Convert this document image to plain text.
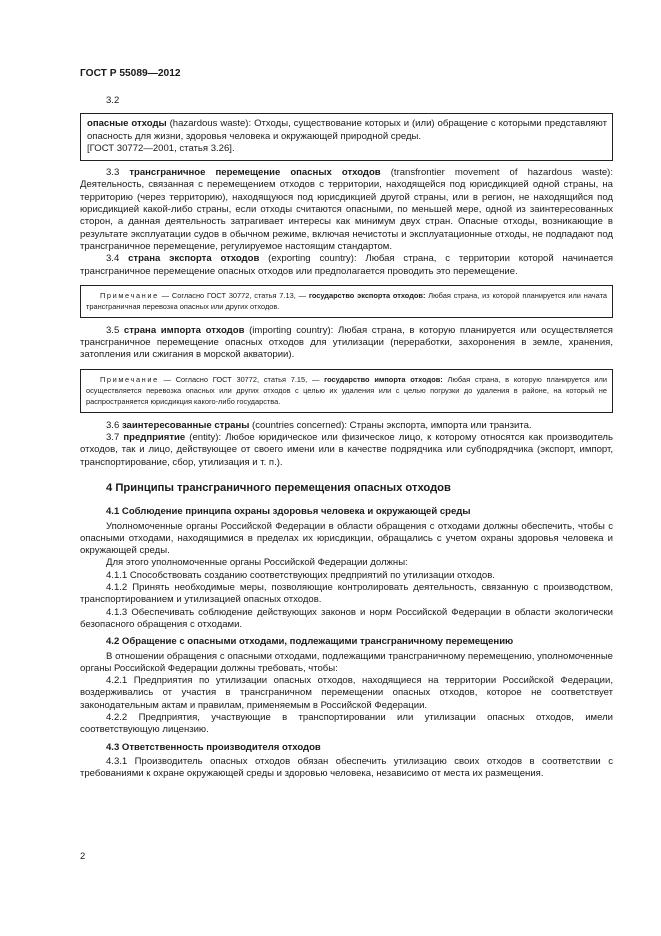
ГОСТ Р 55089—2012

3.2

опасные отходы (hazardous waste): Отходы, существование которых и (или) обращение с которыми представляют опасность для жизни, здоровья человека и окружающей природной среды.

[ГОСТ 30772—2001, статья 3.26].

3.3 трансграничное перемещение опасных отходов (transfrontier movement of hazardous waste): Деятельность, связанная с перемещением отходов с территории, находящейся под юрисдикцией одной страны, на территорию (через территорию), находящуюся под юрисдикцией другой страны, или в регион, не находящийся под юрисдикцией какой-либо страны, если отходы считаются опасными, по меньшей мере, одной из заинтересованных сторон, а данная деятельность затрагивает интересы как минимум двух стран. Опасные отходы, возникающие в результате эксплуатации судов в обычном режиме, включая нечистоты и эксплуатационные отходы, не подпадают под трансграничное перемещение, регулируемое настоящим стандартом.

3.4 страна экспорта отходов (exporting country): Любая страна, с территории которой начинается трансграничное перемещение опасных отходов или предполагается проводить это перемещение.

Примечание — Согласно ГОСТ 30772, статья 7.13, — государство экспорта отходов: Любая страна, из которой планируется или начата трансграничная перевозка опасных или других отходов.

3.5 страна импорта отходов (importing country): Любая страна, в которую планируется или осуществляется трансграничное перемещение опасных отходов для утилизации (переработки, захоронения в земле, хранения, затопления или сжигания в морской акватории).

Примечание — Согласно ГОСТ 30772, статья 7.15, — государство импорта отходов: Любая страна, в которую планируется или осуществляется перевозка опасных или других отходов с целью их удаления или с целью погрузки до удаления в районе, на который не распространяется юрисдикция какого-либо государства.

3.6 заинтересованные страны (countries concerned): Страны экспорта, импорта или транзита.

3.7 предприятие (entity): Любое юридическое или физическое лицо, к которому относятся как производитель отходов, так и лицо, действующее от своего имени или в качестве подрядчика или субподрядчика (экспорт, импорт, транспортирование, сбор, утилизация и т. п.).

4 Принципы трансграничного перемещения опасных отходов

4.1 Соблюдение принципа охраны здоровья человека и окружающей среды

Уполномоченные органы Российской Федерации в области обращения с отходами должны обеспечить, чтобы с опасными отходами, находящимися в пределах их юрисдикции, обращались с учетом охраны здоровья человека и окружающей среды.

Для этого уполномоченные органы Российской Федерации должны:

4.1.1 Способствовать созданию соответствующих предприятий по утилизации отходов.

4.1.2 Принять необходимые меры, позволяющие контролировать деятельность, связанную с производством, транспортированием и утилизацией опасных отходов.

4.1.3 Обеспечивать соблюдение действующих законов и норм Российской Федерации в области экологически безопасного обращения с отходами.

4.2 Обращение с опасными отходами, подлежащими трансграничному перемещению

В отношении обращения с опасными отходами, подлежащими трансграничному перемещению, уполномоченные органы Российской Федерации должны требовать, чтобы:

4.2.1 Предприятия по утилизации опасных отходов, находящиеся на территории Российской Федерации, воздерживались от участия в трансграничном перемещении опасных отходов, которое не соответствует законодательным актам и правилам, применяемым в Российской Федерации.

4.2.2 Предприятия, участвующие в транспортировании или утилизации опасных отходов, имели соответствующую лицензию.

4.3 Ответственность производителя отходов

4.3.1 Производитель опасных отходов обязан обеспечить утилизацию своих отходов в соответствии с требованиями к охране окружающей среды и здоровью человека, независимо от места их размещения.

2
